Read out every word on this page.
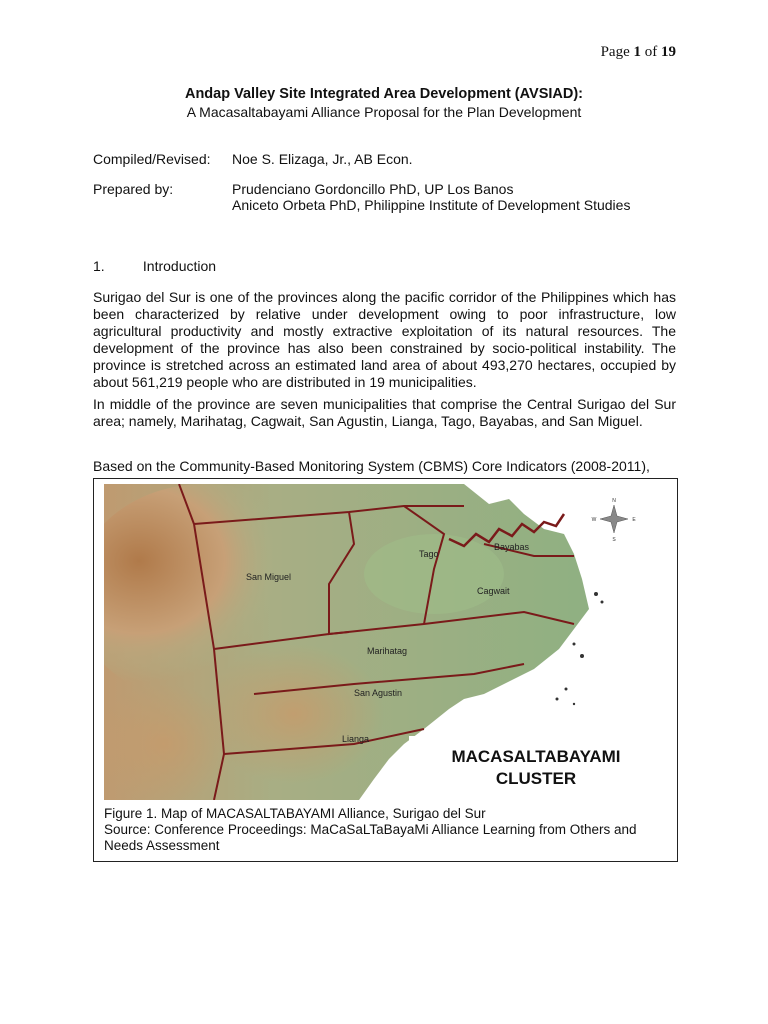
Page 1 of 19
Andap Valley Site Integrated Area Development (AVSIAD):
A Macasaltabayami Alliance Proposal for the Plan Development
Compiled/Revised: Noe S. Elizaga, Jr., AB Econ.
Prepared by:	Prudenciano Gordoncillo PhD, UP Los Banos
Aniceto Orbeta PhD, Philippine Institute of Development Studies
1.	Introduction
Surigao del Sur is one of the provinces along the pacific corridor of the Philippines which has been characterized by relative under development owing to poor infrastructure, low agricultural productivity and mostly extractive exploitation of its natural resources. The development of the province has also been constrained by socio-political instability. The province is stretched across an estimated land area of about 493,270 hectares, occupied by about 561,219 people who are distributed in 19 municipalities.
In middle of the province are seven municipalities that comprise the Central Surigao del Sur area; namely, Marihatag, Cagwait, San Agustin, Lianga, Tago, Bayabas, and San Miguel.
Based on the Community-Based Monitoring System (CBMS) Core Indicators (2008-2011),
San Miguel
Tago
Bayabas
Cagwait
Marihatag
San Agustin
Lianga
N
S
E
W
MACASALTABAYAMI
CLUSTER
Figure 1. Map of MACASALTABAYAMI Alliance, Surigao del Sur
Source: Conference Proceedings: MaCaSaLTaBayaMi Alliance Learning from Others and Needs Assessment
